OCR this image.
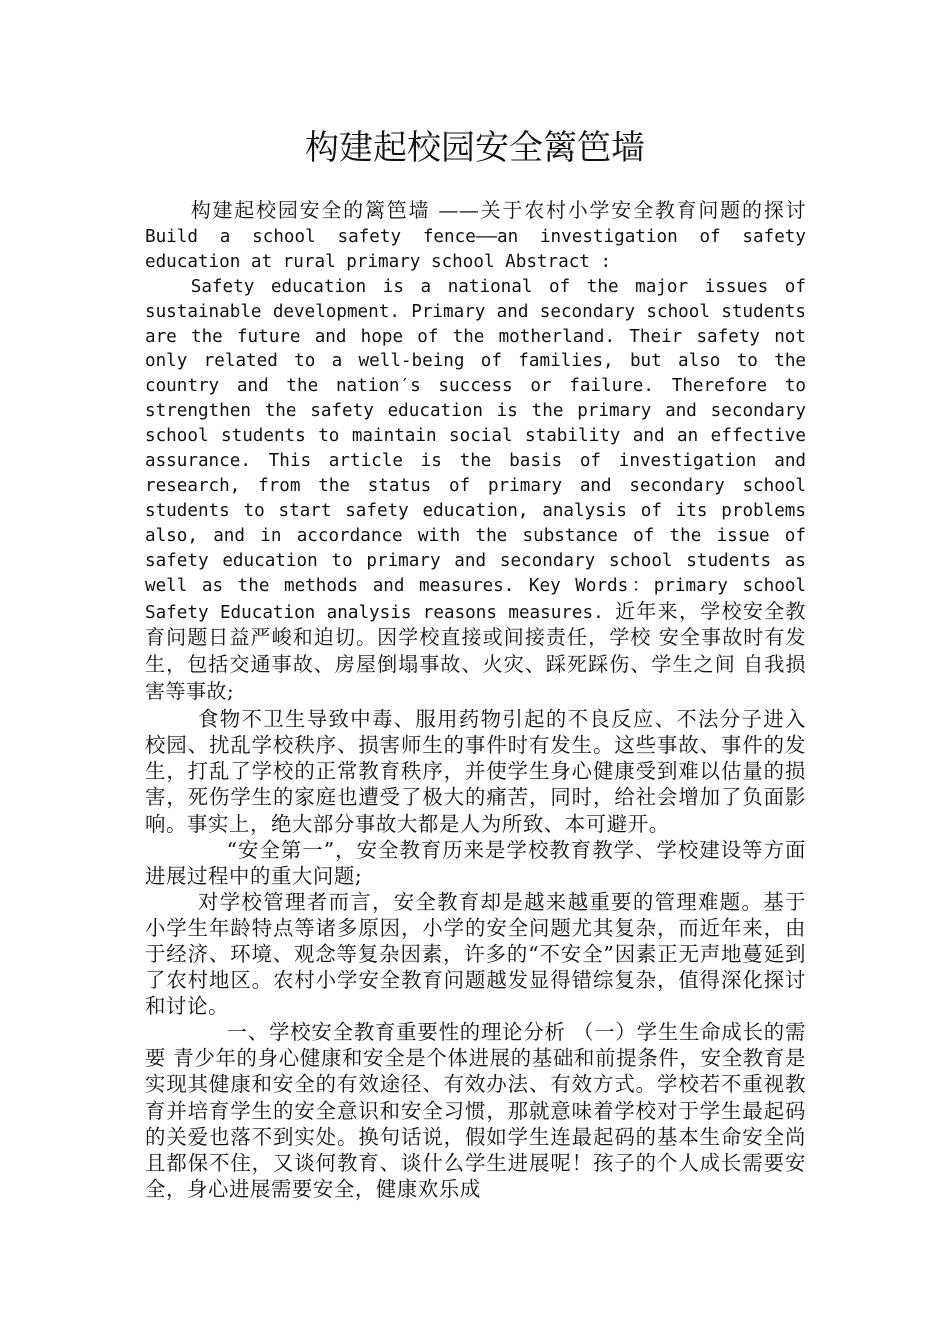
构建起校园安全篱笆墙

构建起校园安全的篱笆墙 ——关于农村小学安全教育问题的探讨 Build a school safety fence——an investigation of safety education at rural primary school Abstract :

Safety education is a national of the major issues of sustainable development. Primary and secondary school students are the future and hope of the motherland. Their safety not only related to a well-being of families, but also to the country and the nation′s success or failure. Therefore to strengthen the safety education is the primary and secondary school students to maintain social stability and an effective assurance. This article is the basis of investigation and research, from the status of primary and secondary school students to start safety education, analysis of its problems also, and in accordance with the substance of the issue of safety education to primary and secondary school students as well as the methods and measures. Key Words：primary school Safety Education analysis reasons measures. 近年来，学校安全教育问题日益严峻和迫切。因学校直接或间接责任，学校 安全事故时有发生，包括交通事故、房屋倒塌事故、火灾、踩死踩伤、学生之间 自我损害等事故;

食物不卫生导致中毒、服用药物引起的不良反应、不法分子进入校园、扰乱学校秩序、损害师生的事件时有发生。这些事故、事件的发生，打乱了学校的正常教育秩序，并使学生身心健康受到难以估量的损害，死伤学生的家庭也遭受了极大的痛苦，同时，给社会增加了负面影响。事实上，绝大部分事故大都是人为所致、本可避开。

“安全第一”，安全教育历来是学校教育教学、学校建设等方面进展过程中的重大问题;

对学校管理者而言，安全教育却是越来越重要的管理难题。基于小学生年龄特点等诸多原因，小学的安全问题尤其复杂，而近年来，由于经济、环境、观念等复杂因素，许多的“不安全”因素正无声地蔓延到了农村地区。农村小学安全教育问题越发显得错综复杂，值得深化探讨和讨论。

一、学校安全教育重要性的理论分析 （一）学生生命成长的需要 青少年的身心健康和安全是个体进展的基础和前提条件，安全教育是实现其健康和安全的有效途径、有效办法、有效方式。学校若不重视教育并培育学生的安全意识和安全习惯，那就意味着学校对于学生最起码的关爱也落不到实处。换句话说，假如学生连最起码的基本生命安全尚且都保不住，又谈何教育、谈什么学生进展呢！孩子的个人成长需要安全，身心进展需要安全，健康欢乐成
